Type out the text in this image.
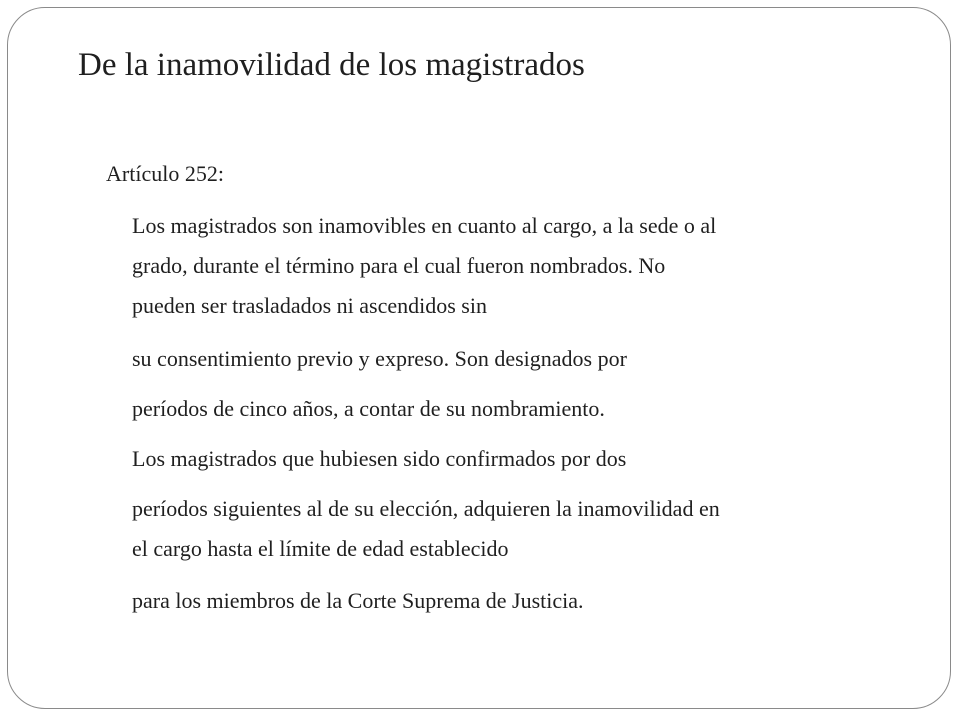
De la inamovilidad de los magistrados

Artículo 252:

Los magistrados son inamovibles en cuanto al cargo, a la sede o al
grado, durante el término para el cual fueron nombrados. No
pueden ser trasladados ni ascendidos sin

su consentimiento previo y expreso. Son designados por

períodos de cinco años, a contar de su nombramiento.

Los magistrados que hubiesen sido confirmados por dos

períodos siguientes al de su elección, adquieren la inamovilidad en
el cargo hasta el límite de edad establecido

para los miembros de la Corte Suprema de Justicia.
